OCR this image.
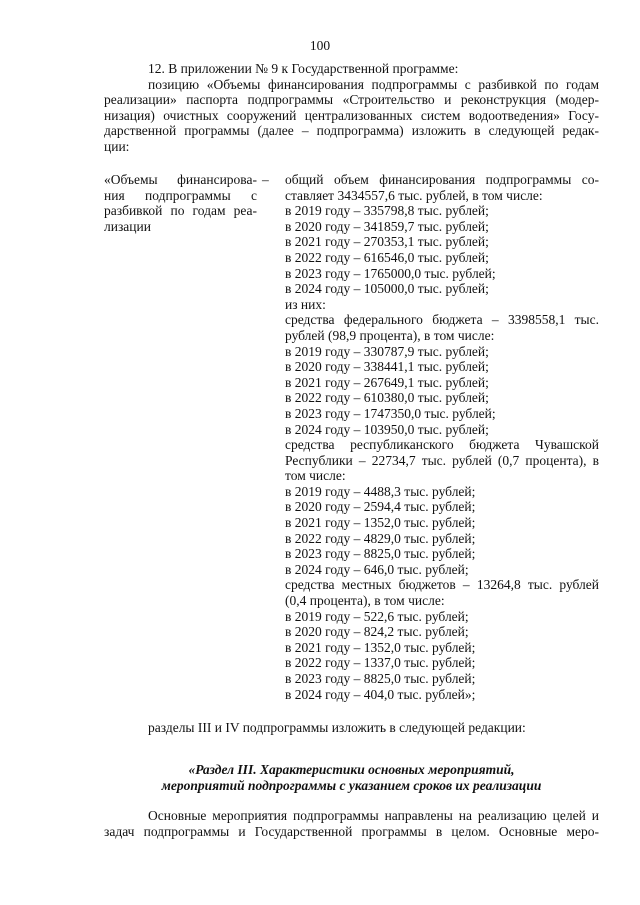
100
12. В приложении № 9 к Государственной программе:
позицию «Объемы финансирования подпрограммы с разбивкой по годам
реализации» паспорта подпрограммы «Строительство и реконструкция (модер-
низация) очистных сооружений централизованных систем водоотведения» Госу-
дарственной программы (далее – подпрограмма) изложить в следующей редак-
ции:
«Объемы финансирова-
ния подпрограммы с
разбивкой по годам реа-
лизации
– общий объем финансирования подпрограммы со-
ставляет 3434557,6 тыс. рублей, в том числе:
в 2019 году – 335798,8 тыс. рублей;
в 2020 году – 341859,7 тыс. рублей;
в 2021 году – 270353,1 тыс. рублей;
в 2022 году – 616546,0 тыс. рублей;
в 2023 году – 1765000,0 тыс. рублей;
в 2024 году – 105000,0 тыс. рублей;
из них:
средства федерального бюджета – 3398558,1 тыс.
рублей (98,9 процента), в том числе:
в 2019 году – 330787,9 тыс. рублей;
в 2020 году – 338441,1 тыс. рублей;
в 2021 году – 267649,1 тыс. рублей;
в 2022 году – 610380,0 тыс. рублей;
в 2023 году – 1747350,0 тыс. рублей;
в 2024 году – 103950,0 тыс. рублей;
средства республиканского бюджета Чувашской
Республики – 22734,7 тыс. рублей (0,7 процента), в
том числе:
в 2019 году – 4488,3 тыс. рублей;
в 2020 году – 2594,4 тыс. рублей;
в 2021 году – 1352,0 тыс. рублей;
в 2022 году – 4829,0 тыс. рублей;
в 2023 году – 8825,0 тыс. рублей;
в 2024 году – 646,0 тыс. рублей;
средства местных бюджетов – 13264,8 тыс. рублей
(0,4 процента), в том числе:
в 2019 году – 522,6 тыс. рублей;
в 2020 году – 824,2 тыс. рублей;
в 2021 году – 1352,0 тыс. рублей;
в 2022 году – 1337,0 тыс. рублей;
в 2023 году – 8825,0 тыс. рублей;
в 2024 году – 404,0 тыс. рублей»;
разделы III и IV подпрограммы изложить в следующей редакции:
«Раздел III. Характеристики основных мероприятий,
мероприятий подпрограммы с указанием сроков их реализации
Основные мероприятия подпрограммы направлены на реализацию целей и
задач подпрограммы и Государственной программы в целом. Основные меро-
